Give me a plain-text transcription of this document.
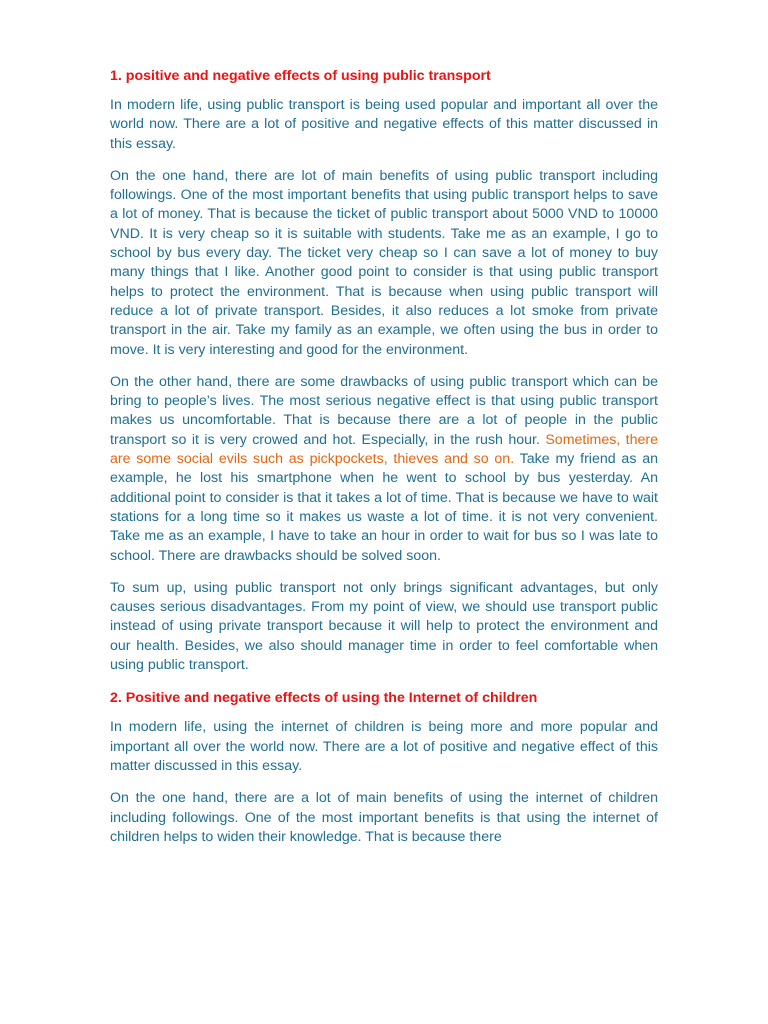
1. positive and negative effects of using public transport

In modern life, using public transport is being used popular and important all over the world now. There are a lot of positive and negative effects of this matter discussed in this essay.

On the one hand, there are lot of main benefits of using public transport including followings. One of the most important benefits that using public transport helps to save a lot of money. That is because the ticket of public transport about 5000 VND to 10000 VND. It is very cheap so it is suitable with students. Take me as an example, I go to school by bus every day. The ticket very cheap so I can save a lot of money to buy many things that I like. Another good point to consider is that using public transport helps to protect the environment. That is because when using public transport will reduce a lot of private transport. Besides, it also reduces a lot smoke from private transport in the air. Take my family as an example, we often using the bus in order to move. It is very interesting and good for the environment.

On the other hand, there are some drawbacks of using public transport which can be bring to people’s lives. The most serious negative effect is that using public transport makes us uncomfortable. That is because there are a lot of people in the public transport so it is very crowed and hot. Especially, in the rush hour. Sometimes, there are some social evils such as pickpockets, thieves and so on. Take my friend as an example, he lost his smartphone when he went to school by bus yesterday. An additional point to consider is that it takes a lot of time. That is because we have to wait stations for a long time so it makes us waste a lot of time. it is not very convenient. Take me as an example, I have to take an hour in order to wait for bus so I was late to school. There are drawbacks should be solved soon.

To sum up, using public transport not only brings significant advantages, but only causes serious disadvantages. From my point of view, we should use transport public instead of using private transport because it will help to protect the environment and our health. Besides, we also should manager time in order to feel comfortable when using public transport.

2. Positive and negative effects of using the Internet of children

In modern life, using the internet of children is being more and more popular and important all over the world now. There are a lot of positive and negative effect of this matter discussed in this essay.

On the one hand, there are a lot of main benefits of using the internet of children including followings. One of the most important benefits is that using the internet of children helps to widen their knowledge. That is because there
